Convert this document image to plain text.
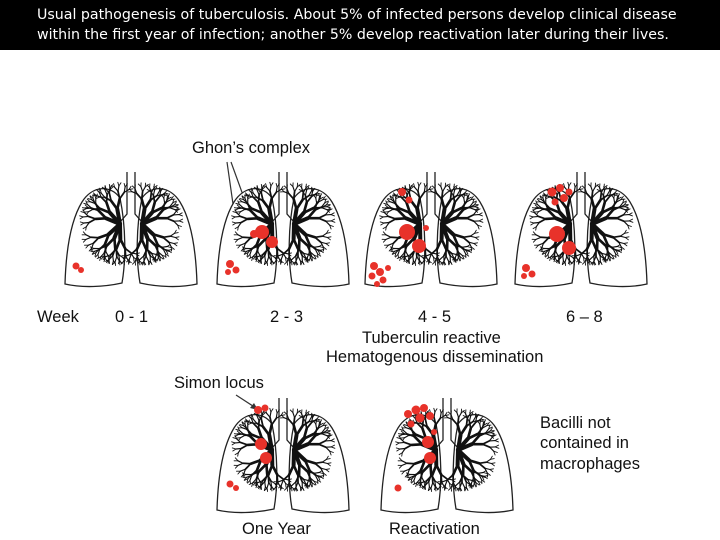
Usual pathogenesis of tuberculosis. About 5% of infected persons develop clinical disease
within the first year of infection; another 5% develop reactivation later during their lives.
Ghon’s complex
Week 0 - 1	2 - 3	4 - 5	6 – 8
Tuberculin reactive
Hematogenous dissemination
Simon locus
Bacilli not
contained in
macrophages
One Year	Reactivation
